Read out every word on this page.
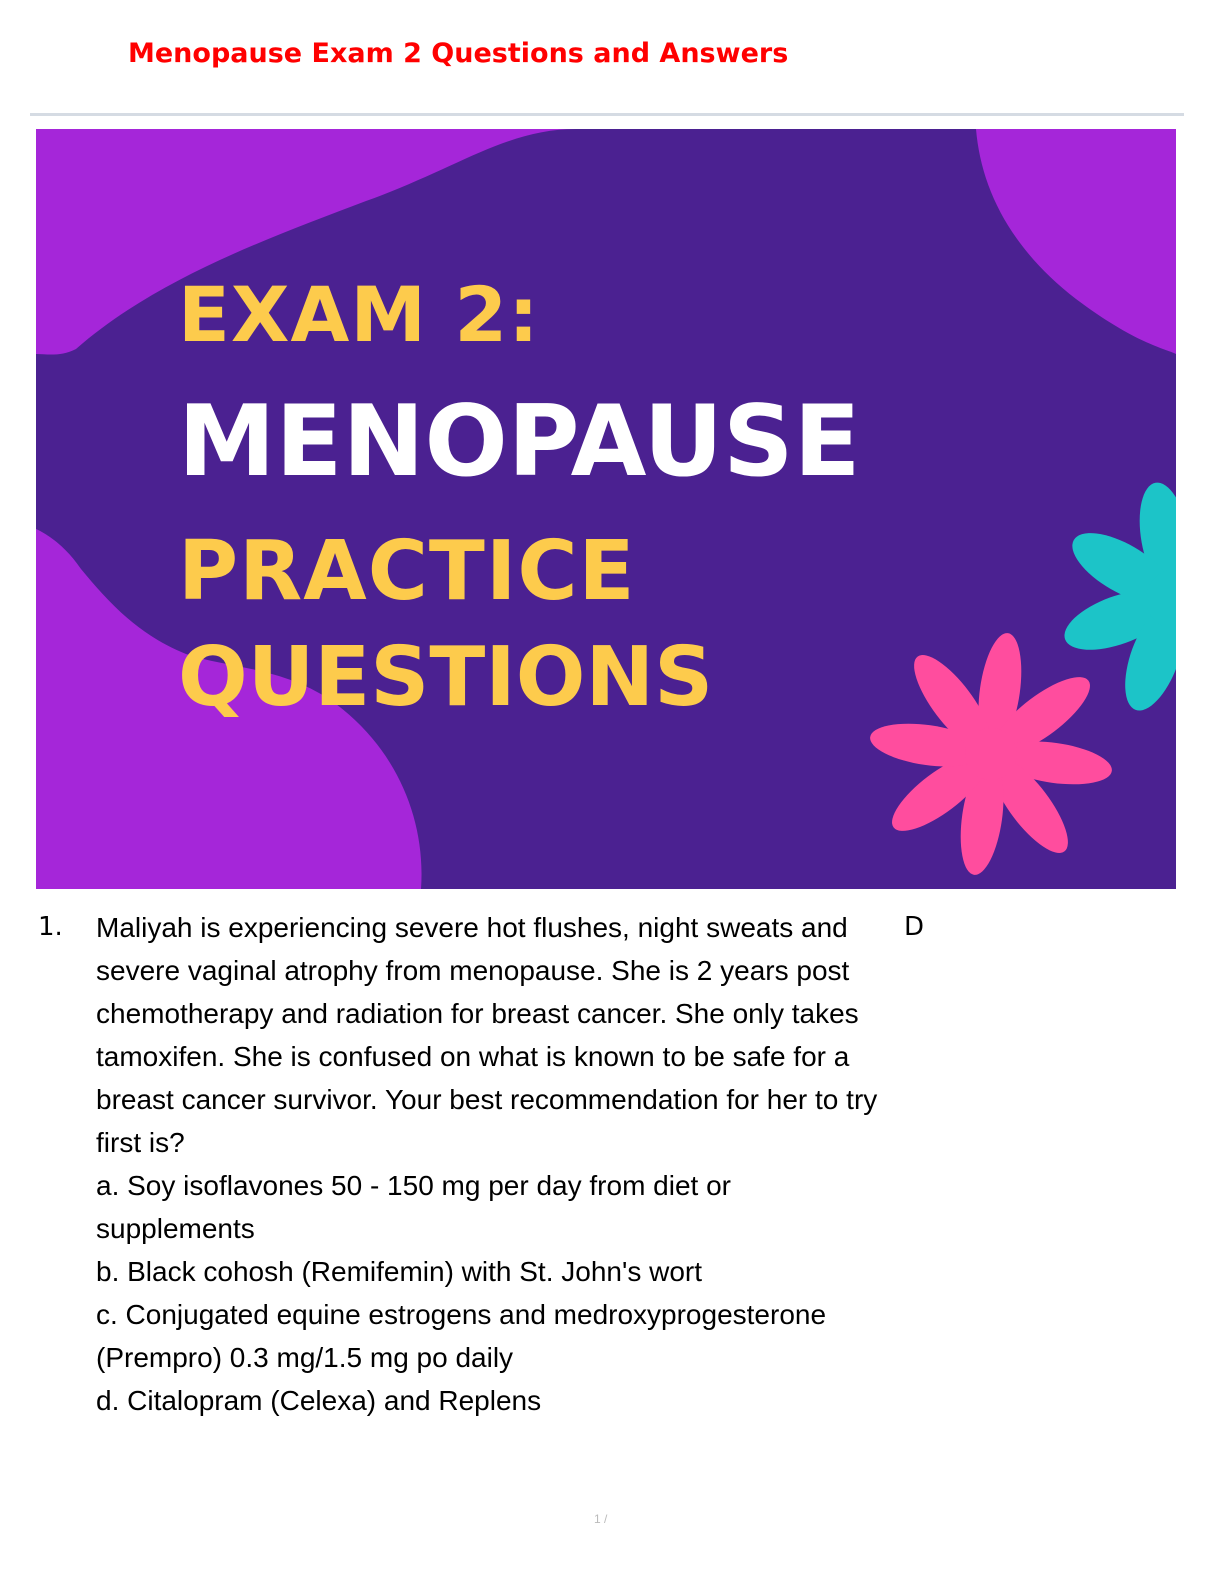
Menopause Exam 2 Questions and Answers
EXAM 2:
MENOPAUSE
PRACTICE
QUESTIONS
1. Maliyah is experiencing severe hot flushes, night sweats and severe vaginal atrophy from menopause. She is 2 years post chemotherapy and radiation for breast cancer. She only takes tamoxifen. She is confused on what is known to be safe for a breast cancer survivor. Your best recommendation for her to try first is?

a. Soy isoflavones 50 - 150 mg per day from diet or supplements

b. Black cohosh (Remifemin) with St. John's wort

c. Conjugated equine estrogens and medroxyprogesterone (Prempro) 0.3 mg/1.5 mg po daily

d. Citalopram (Celexa) and Replens

D
1 /
